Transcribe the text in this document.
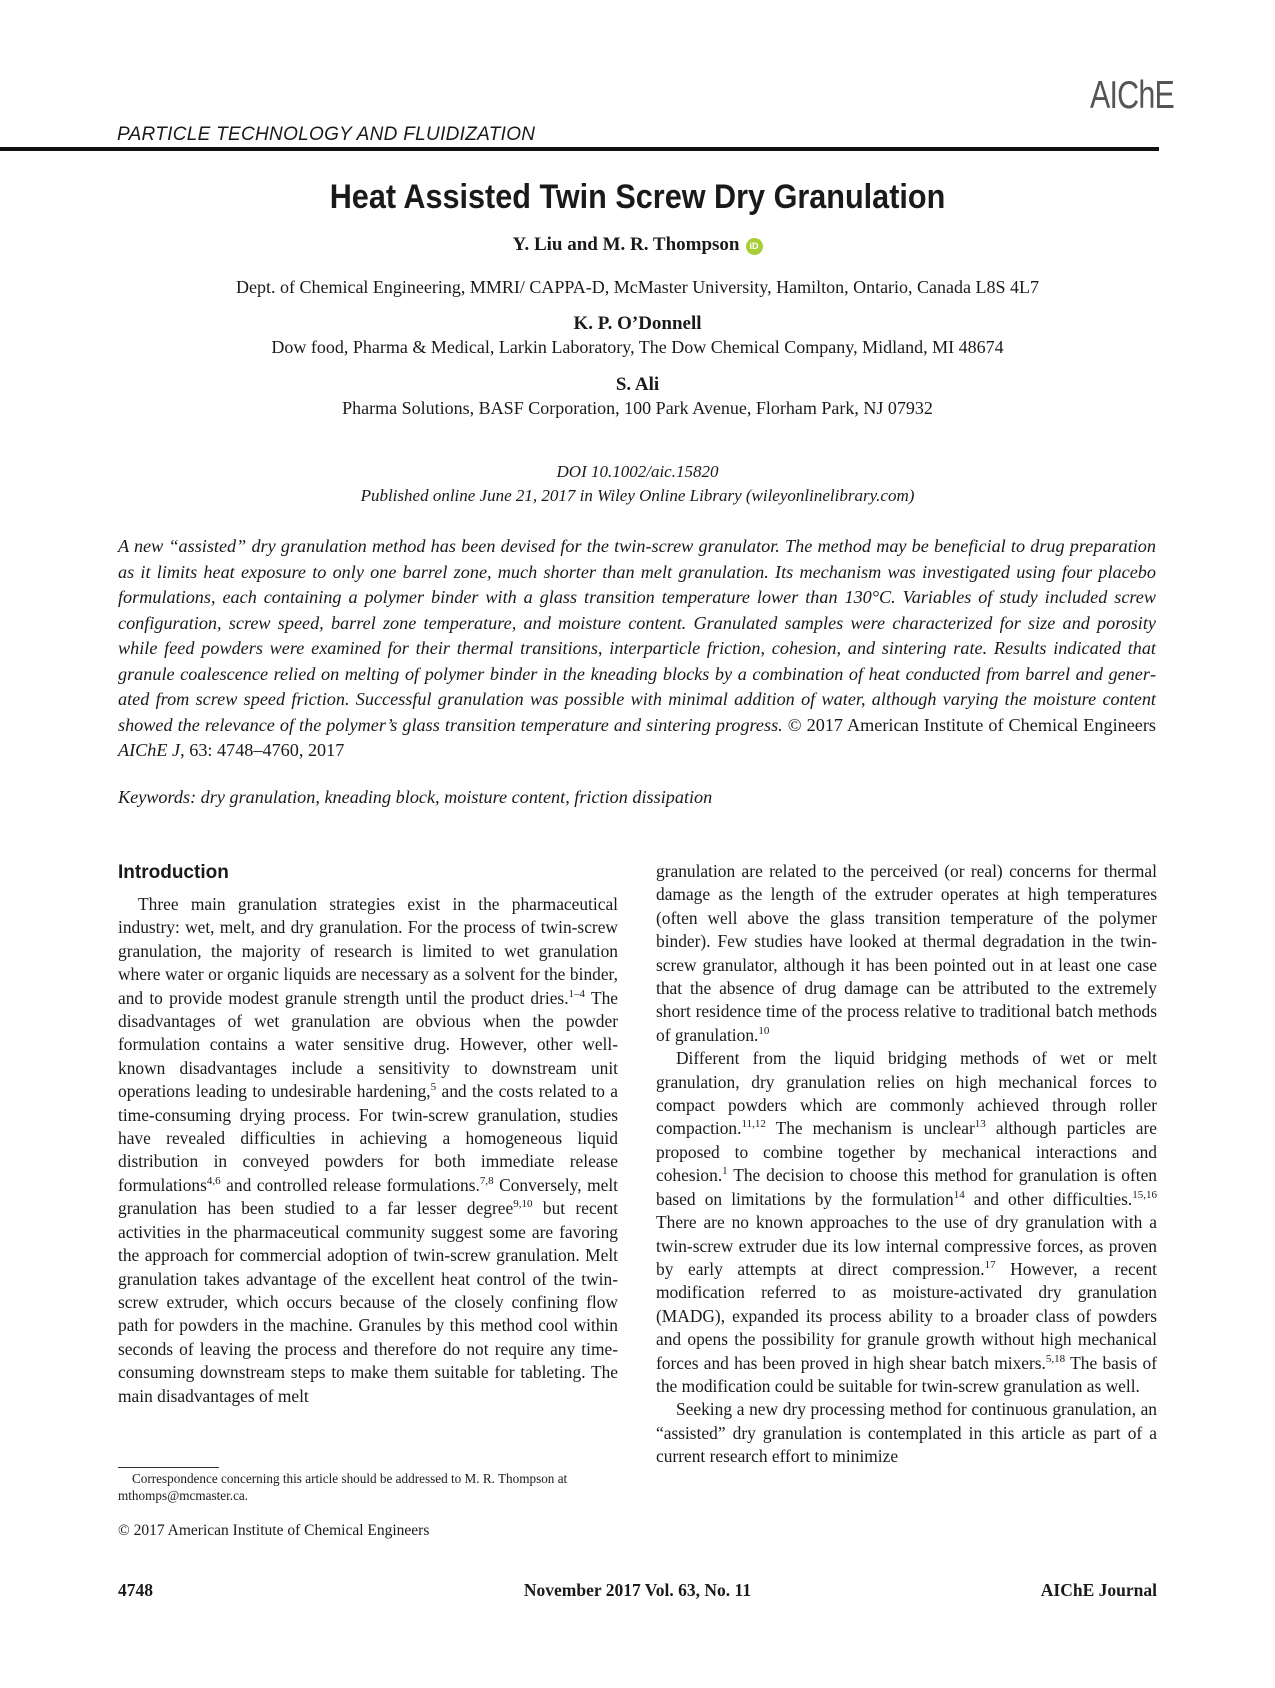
AIChE
PARTICLE TECHNOLOGY AND FLUIDIZATION
Heat Assisted Twin Screw Dry Granulation
Y. Liu and M. R. Thompson iD
Dept. of Chemical Engineering, MMRI/ CAPPA-D, McMaster University, Hamilton, Ontario, Canada L8S 4L7
K. P. O’Donnell
Dow food, Pharma & Medical, Larkin Laboratory, The Dow Chemical Company, Midland, MI 48674
S. Ali
Pharma Solutions, BASF Corporation, 100 Park Avenue, Florham Park, NJ 07932
DOI 10.1002/aic.15820
Published online June 21, 2017 in Wiley Online Library (wileyonlinelibrary.com)
A new “assisted” dry granulation method has been devised for the twin-screw granulator. The method may be beneficial to drug preparation as it limits heat exposure to only one barrel zone, much shorter than melt granulation. Its mechanism was investigated using four placebo formulations, each containing a polymer binder with a glass transition temperature lower than 130°C. Variables of study included screw configuration, screw speed, barrel zone temperature, and moisture content. Granulated samples were characterized for size and porosity while feed powders were examined for their thermal transitions, interparticle friction, cohesion, and sintering rate. Results indicated that granule coalescence relied on melting of polymer binder in the kneading blocks by a combination of heat conducted from barrel and generated from screw speed friction. Successful granulation was possible with minimal addition of water, although varying the moisture content showed the relevance of the polymer’s glass transition temperature and sintering progress. © 2017 American Institute of Chemical Engineers AIChE J, 63: 4748–4760, 2017
Keywords: dry granulation, kneading block, moisture content, friction dissipation
Introduction

Three main granulation strategies exist in the pharmaceutical industry: wet, melt, and dry granulation. For the process of twin-screw granulation, the majority of research is limited to wet granulation where water or organic liquids are necessary as a solvent for the binder, and to provide modest granule strength until the product dries.$^{1-4}$ The disadvantages of wet granulation are obvious when the powder formulation contains a water sensitive drug. However, other well-known disadvantages include a sensitivity to downstream unit operations leading to undesirable hardening,$^5$ and the costs related to a time-consuming drying process. For twin-screw granulation, studies have revealed difficulties in achieving a homogeneous liquid distribution in conveyed powders for both immediate release formulations$^{4,6}$ and controlled release formulations.$^{7,8}$ Conversely, melt granulation has been studied to a far lesser degree$^{9,10}$ but recent activities in the pharmaceutical community suggest some are favoring the approach for commercial adoption of twin-screw granulation. Melt granulation takes advantage of the excellent heat control of the twin-screw extruder, which occurs because of the closely confining flow path for powders in the machine. Granules by this method cool within seconds of leaving the process and therefore do not require any time-consuming downstream steps to make them suitable for tableting. The main disadvantages of melt

granulation are related to the perceived (or real) concerns for thermal damage as the length of the extruder operates at high temperatures (often well above the glass transition temperature of the polymer binder). Few studies have looked at thermal degradation in the twin-screw granulator, although it has been pointed out in at least one case that the absence of drug damage can be attributed to the extremely short residence time of the process relative to traditional batch methods of granulation.$^{10}$

Different from the liquid bridging methods of wet or melt granulation, dry granulation relies on high mechanical forces to compact powders which are commonly achieved through roller compaction.$^{11,12}$ The mechanism is unclear$^{13}$ although particles are proposed to combine together by mechanical interactions and cohesion.$^1$ The decision to choose this method for granulation is often based on limitations by the formulation$^{14}$ and other difficulties.$^{15,16}$ There are no known approaches to the use of dry granulation with a twin-screw extruder due its low internal compressive forces, as proven by early attempts at direct compression.$^{17}$ However, a recent modification referred to as moisture-activated dry granulation (MADG), expanded its process ability to a broader class of powders and opens the possibility for granule growth without high mechanical forces and has been proved in high shear batch mixers.$^{5,18}$ The basis of the modification could be suitable for twin-screw granulation as well.

Seeking a new dry processing method for continuous granulation, an “assisted” dry granulation is contemplated in this article as part of a current research effort to minimize

Correspondence concerning this article should be addressed to M. R. Thompson at mthomps@mcmaster.ca.
© 2017 American Institute of Chemical Engineers
4748	November 2017 Vol. 63, No. 11	AIChE Journal
